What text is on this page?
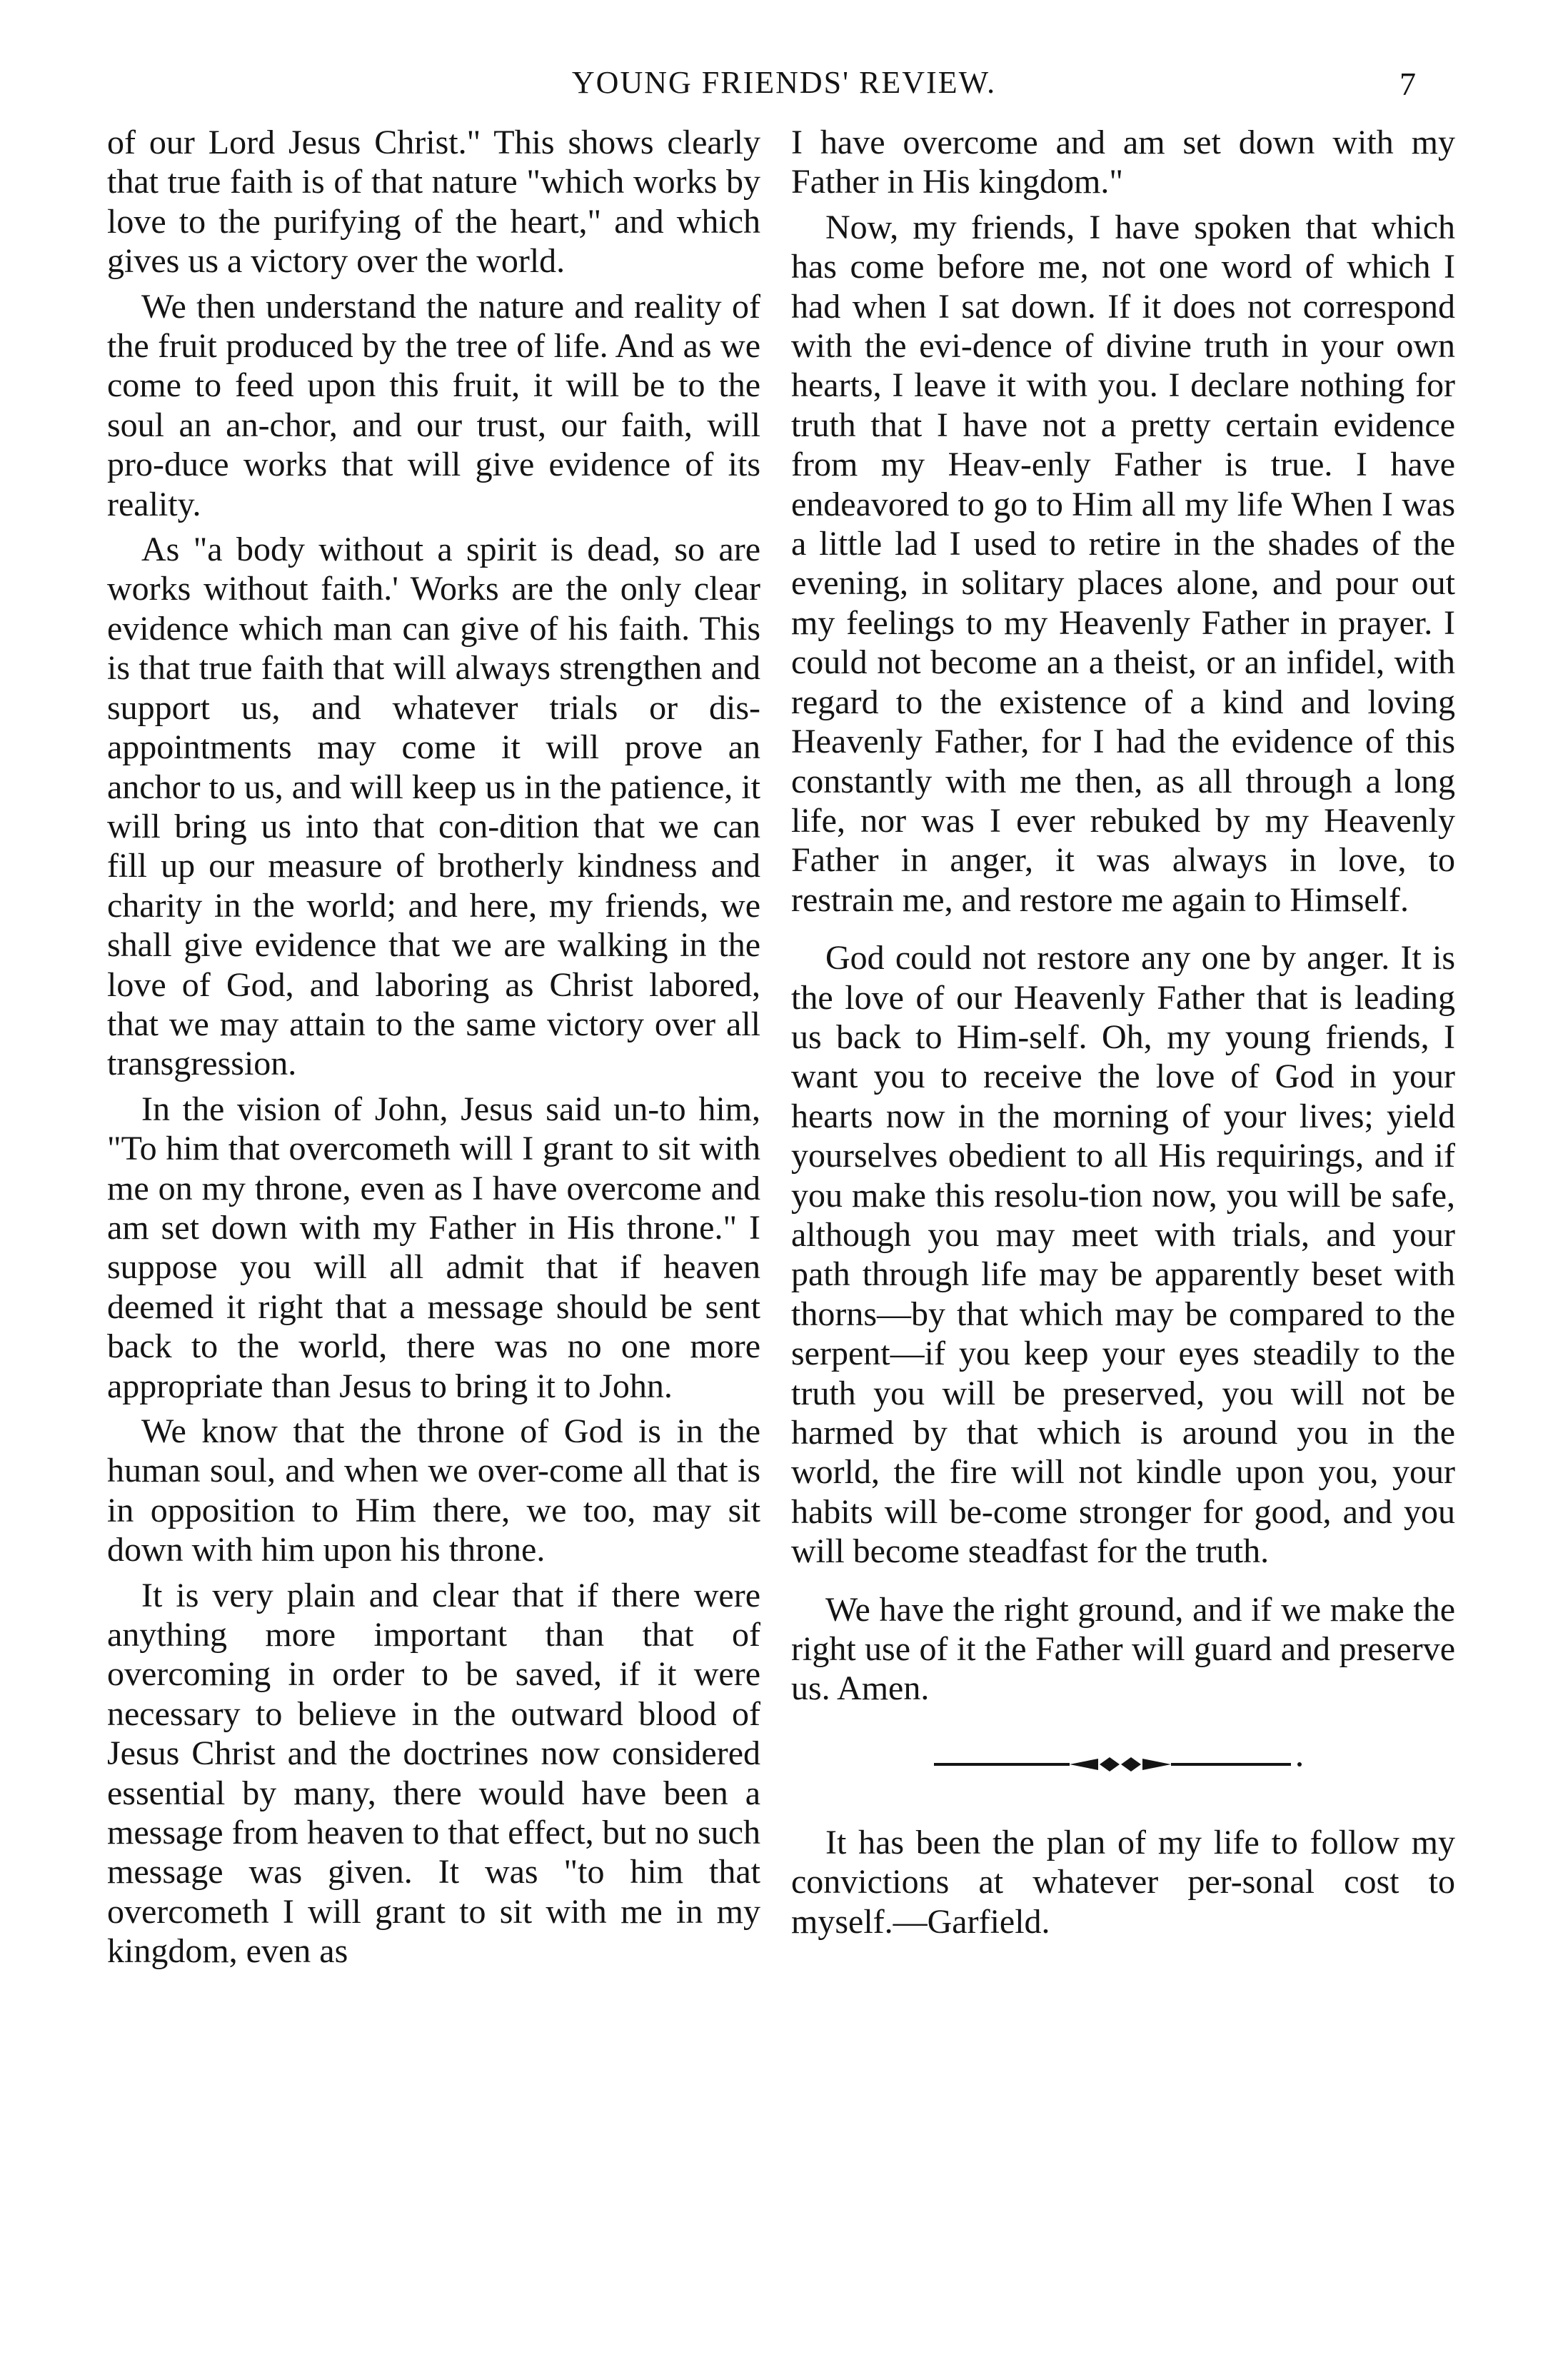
YOUNG FRIENDS' REVIEW.	7

of our Lord Jesus Christ." This shows clearly that true faith is of that nature "which works by love to the purifying of the heart," and which gives us a victory over the world.

We then understand the nature and reality of the fruit produced by the tree of life. And as we come to feed upon this fruit, it will be to the soul an an-chor, and our trust, our faith, will pro-duce works that will give evidence of its reality.

As "a body without a spirit is dead, so are works without faith.' Works are the only clear evidence which man can give of his faith. This is that true faith that will always strengthen and support us, and whatever trials or dis-appointments may come it will prove an anchor to us, and will keep us in the patience, it will bring us into that con-dition that we can fill up our measure of brotherly kindness and charity in the world; and here, my friends, we shall give evidence that we are walking in the love of God, and laboring as Christ labored, that we may attain to the same victory over all transgression.

In the vision of John, Jesus said un-to him, "To him that overcometh will I grant to sit with me on my throne, even as I have overcome and am set down with my Father in His throne." I suppose you will all admit that if heaven deemed it right that a message should be sent back to the world, there was no one more appropriate than Jesus to bring it to John.

We know that the throne of God is in the human soul, and when we over-come all that is in opposition to Him there, we too, may sit down with him upon his throne.

It is very plain and clear that if there were anything more important than that of overcoming in order to be saved, if it were necessary to believe in the outward blood of Jesus Christ and the doctrines now considered essential by many, there would have been a message from heaven to that effect, but no such message was given. It was "to him that overcometh I will grant to sit with me in my kingdom, even as

I have overcome and am set down with my Father in His kingdom."

Now, my friends, I have spoken that which has come before me, not one word of which I had when I sat down. If it does not correspond with the evi-dence of divine truth in your own hearts, I leave it with you. I declare nothing for truth that I have not a pretty certain evidence from my Heav-enly Father is true. I have endeavored to go to Him all my life When I was a little lad I used to retire in the shades of the evening, in solitary places alone, and pour out my feelings to my Heavenly Father in prayer. I could not become an a theist, or an infidel, with regard to the existence of a kind and loving Heavenly Father, for I had the evidence of this constantly with me then, as all through a long life, nor was I ever rebuked by my Heavenly Father in anger, it was always in love, to restrain me, and restore me again to Himself.

God could not restore any one by anger. It is the love of our Heavenly Father that is leading us back to Him-self. Oh, my young friends, I want you to receive the love of God in your hearts now in the morning of your lives; yield yourselves obedient to all His requirings, and if you make this resolu-tion now, you will be safe, although you may meet with trials, and your path through life may be apparently beset with thorns—by that which may be compared to the serpent—if you keep your eyes steadily to the truth you will be preserved, you will not be harmed by that which is around you in the world, the fire will not kindle upon you, your habits will be-come stronger for good, and you will become steadfast for the truth.

We have the right ground, and if we make the right use of it the Father will guard and preserve us. Amen.

It has been the plan of my life to follow my convictions at whatever per-sonal cost to myself.—Garfield.
